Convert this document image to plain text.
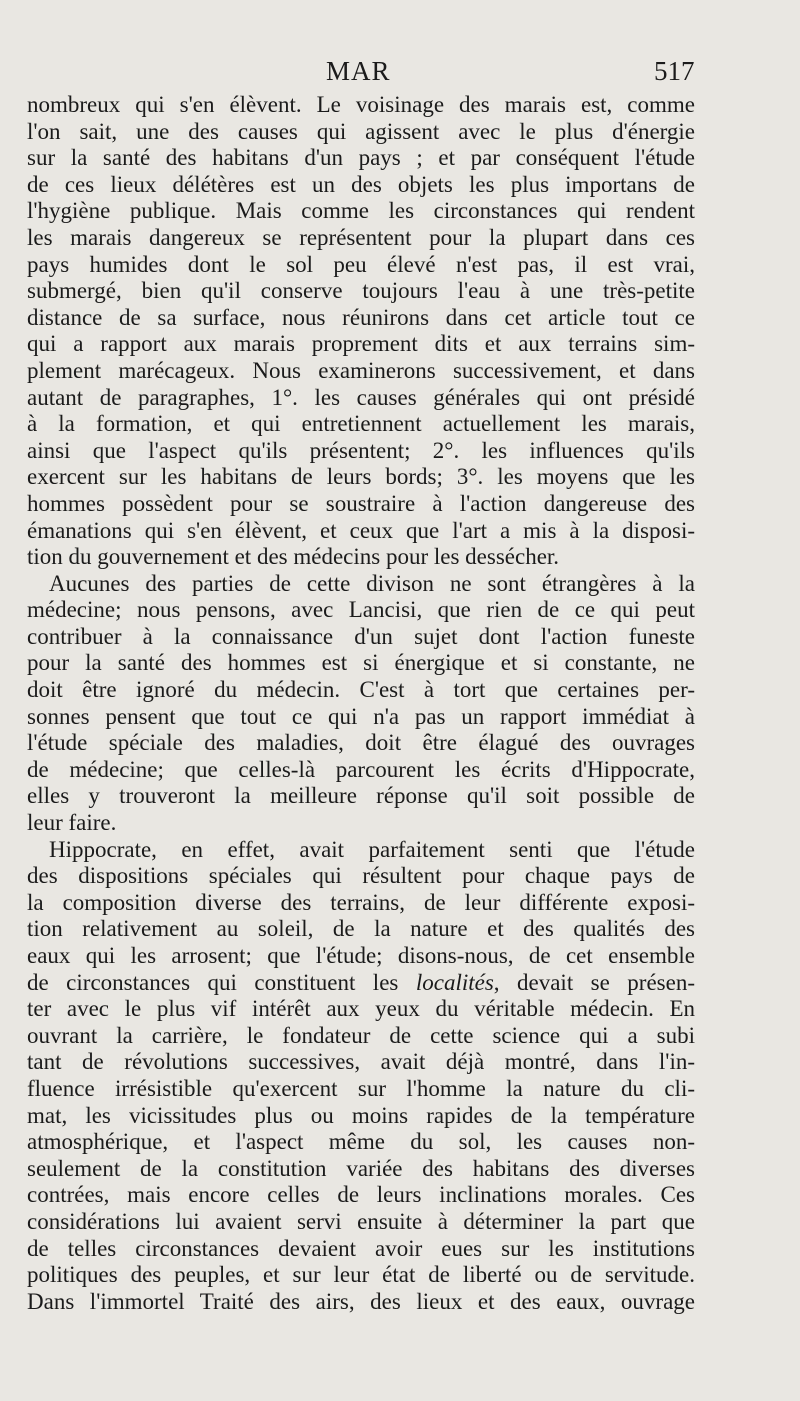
MAR	517
nombreux qui s'en élèvent. Le voisinage des marais est, comme
l'on sait, une des causes qui agissent avec le plus d'énergie
sur la santé des habitans d'un pays ; et par conséquent l'étude
de ces lieux délétères est un des objets les plus importans de
l'hygiène publique. Mais comme les circonstances qui rendent
les marais dangereux se représentent pour la plupart dans ces
pays humides dont le sol peu élevé n'est pas, il est vrai,
submergé, bien qu'il conserve toujours l'eau à une très-petite
distance de sa surface, nous réunirons dans cet article tout ce
qui a rapport aux marais proprement dits et aux terrains sim-
plement marécageux. Nous examinerons successivement, et dans
autant de paragraphes, 1°. les causes générales qui ont présidé
à la formation, et qui entretiennent actuellement les marais,
ainsi que l'aspect qu'ils présentent; 2°. les influences qu'ils
exercent sur les habitans de leurs bords; 3°. les moyens que les
hommes possèdent pour se soustraire à l'action dangereuse des
émanations qui s'en élèvent, et ceux que l'art a mis à la disposi-
tion du gouvernement et des médecins pour les dessécher.
Aucunes des parties de cette divison ne sont étrangères à la
médecine; nous pensons, avec Lancisi, que rien de ce qui peut
contribuer à la connaissance d'un sujet dont l'action funeste
pour la santé des hommes est si énergique et si constante, ne
doit être ignoré du médecin. C'est à tort que certaines per-
sonnes pensent que tout ce qui n'a pas un rapport immédiat à
l'étude spéciale des maladies, doit être élagué des ouvrages
de médecine; que celles-là parcourent les écrits d'Hippocrate,
elles y trouveront la meilleure réponse qu'il soit possible de
leur faire.
Hippocrate, en effet, avait parfaitement senti que l'étude
des dispositions spéciales qui résultent pour chaque pays de
la composition diverse des terrains, de leur différente exposi-
tion relativement au soleil, de la nature et des qualités des
eaux qui les arrosent; que l'étude; disons-nous, de cet ensemble
de circonstances qui constituent les localités, devait se présen-
ter avec le plus vif intérêt aux yeux du véritable médecin. En
ouvrant la carrière, le fondateur de cette science qui a subi
tant de révolutions successives, avait déjà montré, dans l'in-
fluence irrésistible qu'exercent sur l'homme la nature du cli-
mat, les vicissitudes plus ou moins rapides de la température
atmosphérique, et l'aspect même du sol, les causes non-
seulement de la constitution variée des habitans des diverses
contrées, mais encore celles de leurs inclinations morales. Ces
considérations lui avaient servi ensuite à déterminer la part que
de telles circonstances devaient avoir eues sur les institutions
politiques des peuples, et sur leur état de liberté ou de servitude.
Dans l'immortel Traité des airs, des lieux et des eaux, ouvrage
